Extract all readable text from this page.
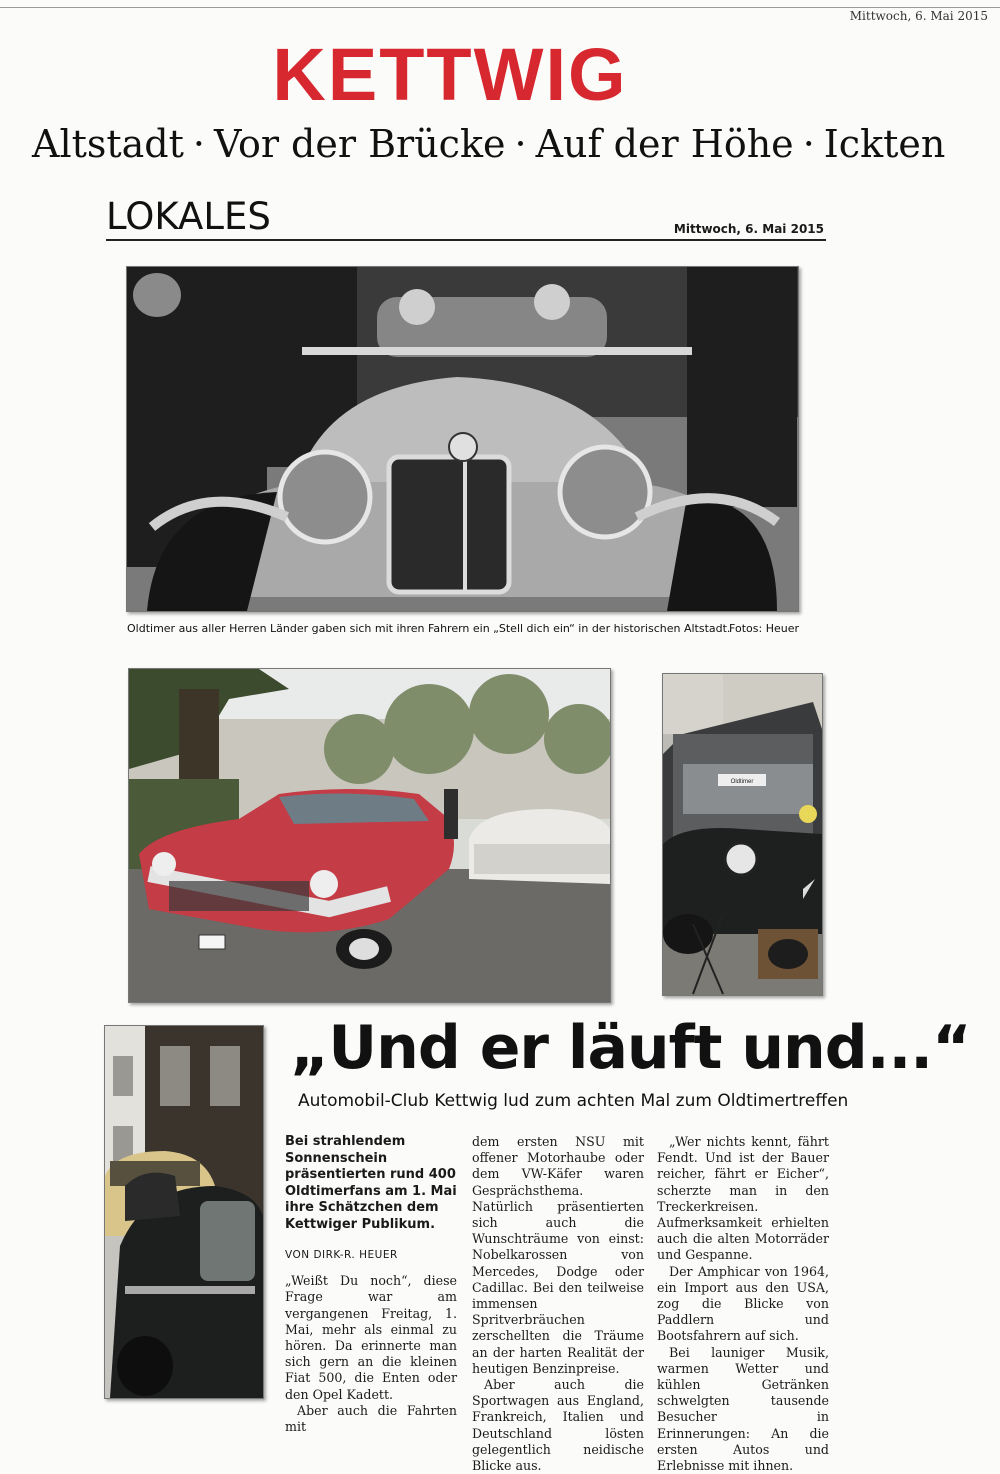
Mittwoch, 6. Mai 2015
KETTWIG
Altstadt · Vor der Brücke · Auf der Höhe · Ickten
LOKALES	Mittwoch, 6. Mai 2015
Oldtimer aus aller Herren Länder gaben sich mit ihren Fahrern ein „Stell dich ein“ in der historischen Altstadt.
Fotos: Heuer
Oldtimer
„Und er läuft und...“
Automobil-Club Kettwig lud zum achten Mal zum Oldtimertreffen

Bei strahlendem Sonnenschein präsentierten rund 400 Oldtimerfans am 1. Mai ihre Schätzchen dem Kettwiger Publikum.

VON DIRK-R. HEUER

„Weißt Du noch“, diese Frage war am vergangenen Freitag, 1. Mai, mehr als einmal zu hören. Da erinnerte man sich gern an die kleinen Fiat 500, die Enten oder den Opel Kadett.

Aber auch die Fahrten mit

dem ersten NSU mit offener Motorhaube oder dem VW-Käfer waren Gesprächsthema. Natürlich präsentierten sich auch die Wunschträume von einst: Nobelkarossen von Mercedes, Dodge oder Cadillac. Bei den teilweise immensen Spritverbräuchen zerschellten die Träume an der harten Realität der heutigen Benzinpreise.

Aber auch die Sportwagen aus England, Frankreich, Italien und Deutschland lösten gelegentlich neidische Blicke aus.

„Wer nichts kennt, fährt Fendt. Und ist der Bauer reicher, fährt er Eicher“, scherzte man in den Treckerkreisen. Aufmerksamkeit erhielten auch die alten Motorräder und Gespanne.

Der Amphicar von 1964, ein Import aus den USA, zog die Blicke von Paddlern und Bootsfahrern auf sich.

Bei launiger Musik, warmen Wetter und kühlen Getränken schwelgten tausende Besucher in Erinnerungen: An die ersten Autos und Erlebnisse mit ihnen.
